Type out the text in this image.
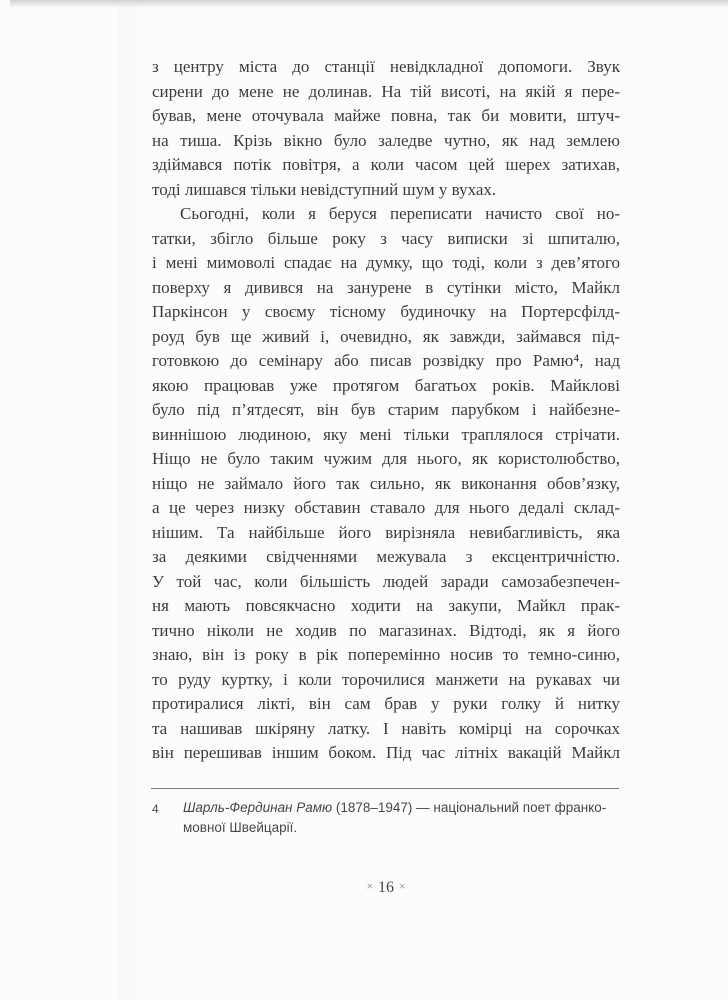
з центру міста до станції невідкладної допомоги. Звук
сирени до мене не долинав. На тій висоті, на якій я пере-
бував, мене оточувала майже повна, так би мовити, штуч-
на тиша. Крізь вікно було заледве чутно, як над землею
здіймався потік повітря, а коли часом цей шерех затихав,
тоді лишався тільки невідступний шум у вухах.
Сьогодні, коли я беруся переписати начисто свої но-
татки, збігло більше року з часу виписки зі шпиталю,
і мені мимоволі спадає на думку, що тоді, коли з дев’ятого
поверху я дивився на занурене в сутінки місто, Майкл
Паркінсон у своєму тісному будиночку на Портерсфілд-
роуд був ще живий і, очевидно, як завжди, займався під-
готовкою до семінару або писав розвідку про Рамю⁴, над
якою працював уже протягом багатьох років. Майклові
було під п’ятдесят, він був старим парубком і найбезне-
виннішою людиною, яку мені тільки траплялося стрічати.
Ніщо не було таким чужим для нього, як користолюбство,
ніщо не займало його так сильно, як виконання обов’язку,
а це через низку обставин ставало для нього дедалі склад-
нішим. Та найбільше його вирізняла невибагливість, яка
за деякими свідченнями межувала з ексцентричністю.
У той час, коли більшість людей заради самозабезпечен-
ня мають повсякчасно ходити на закупи, Майкл прак-
тично ніколи не ходив по магазинах. Відтоді, як я його
знаю, він із року в рік поперемінно носив то темно-синю,
то руду куртку, і коли торочилися манжети на рукавах чи
протиралися лікті, він сам брав у руки голку й нитку
та нашивав шкіряну латку. І навіть комірці на сорочках
він перешивав іншим боком. Під час літніх вакацій Майкл
4	Шарль-Фердинан Рамю (1878–1947) — національний поет франко-мовної Швейцарії.
× 16 ×
